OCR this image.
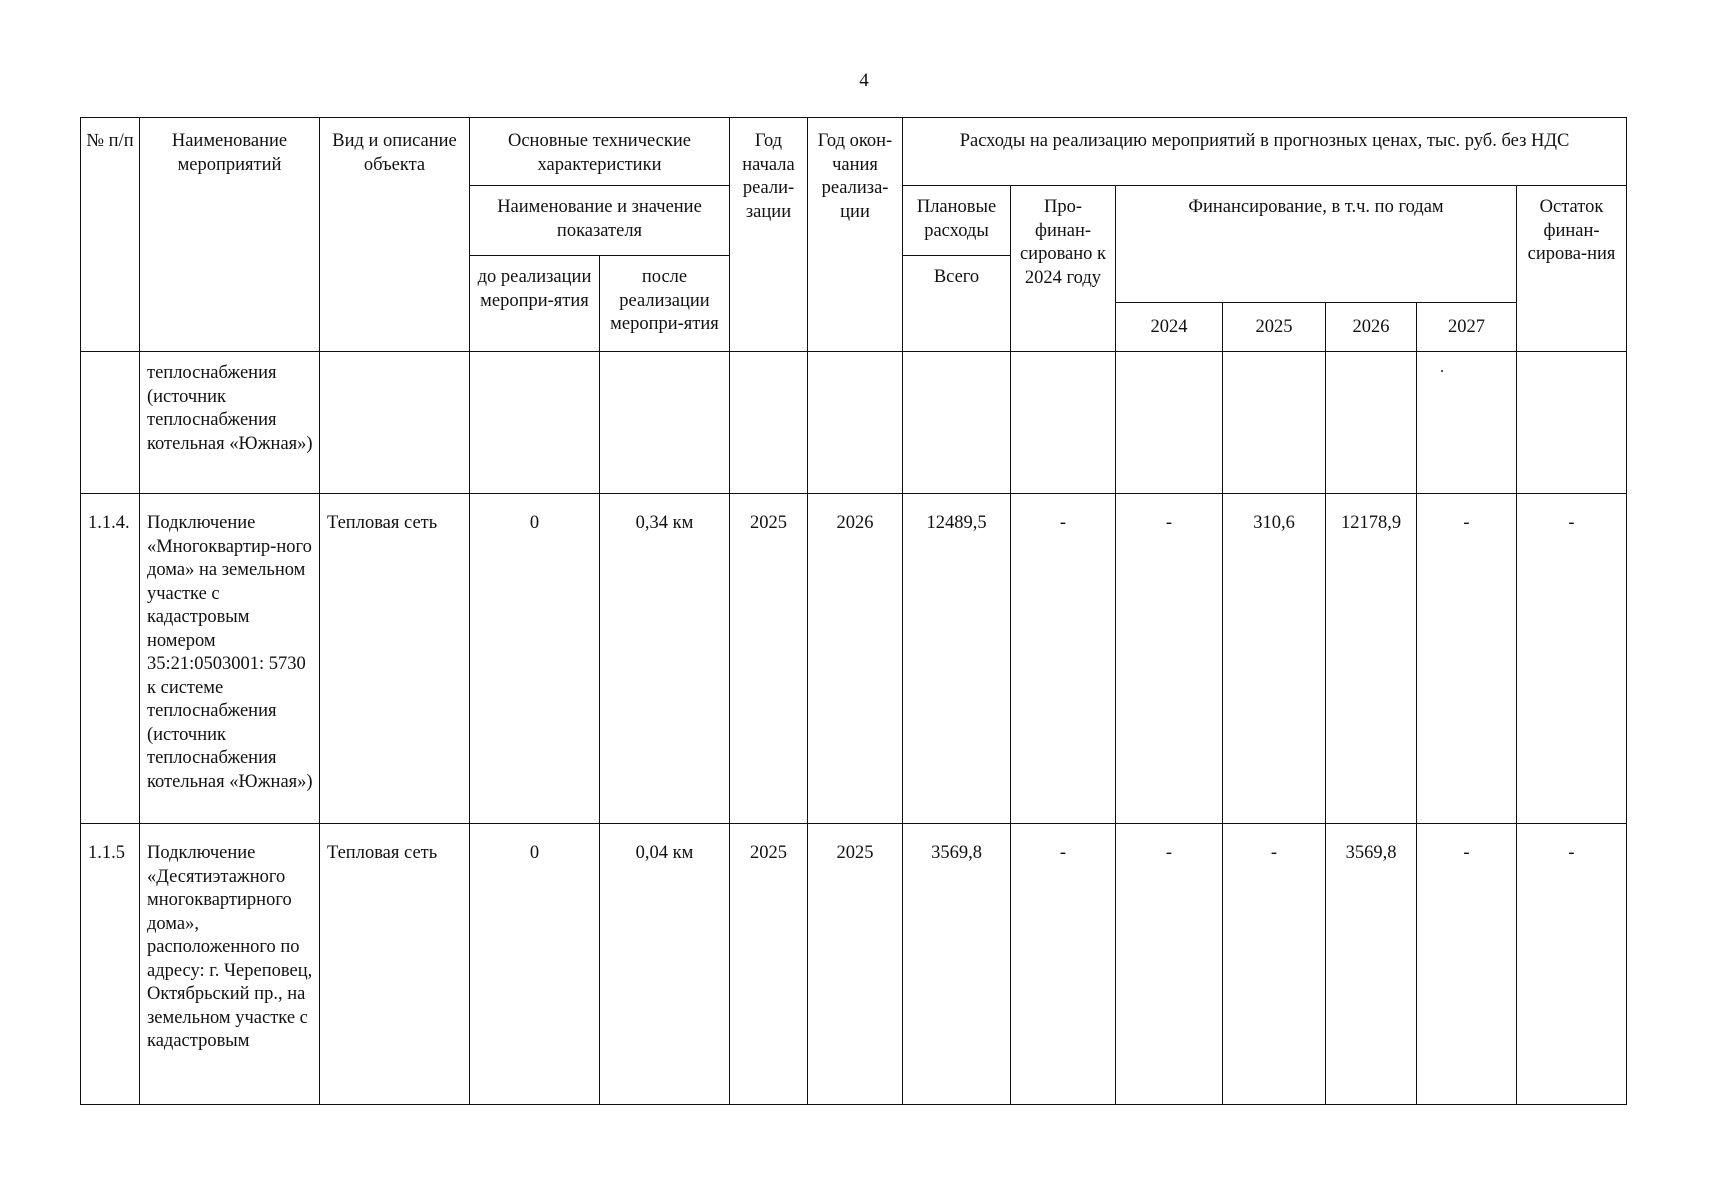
4
№ п/п	Наименование мероприятий	Вид и описание объекта	Основные технические характеристики		Год начала реали-зации	Год окон-чания реализа-ции	Расходы на реализацию мероприятий в прогнозных ценах, тыс. руб. без НДС						
			Наименование и значение показателя				Плановые расходы	Про-финан-сировано к 2024 году	Финансирование, в т.ч. по годам				Остаток финан-сирова-ния
			до реализации меропри-ятия	после реализации меропри-ятия			Всего						
									2024	2025	2026	2027	
	теплоснабжения (источник теплоснабжения котельная «Южная»)												
1.1.4.	Подключение «Многоквартир-ного дома» на земельном участке с кадастровым номером 35:21:0503001: 5730 к системе теплоснабжения (источник теплоснабжения котельная «Южная»)	Тепловая сеть	0	0,34 км	2025	2026	12489,5	-	-	310,6	12178,9	-	-
1.1.5	Подключение «Десятиэтажного многоквартирного дома», расположенного по адресу: г. Череповец, Октябрьский пр., на земельном участке с кадастровым	Тепловая сеть	0	0,04 км	2025	2025	3569,8	-	-	-	3569,8	-	-
